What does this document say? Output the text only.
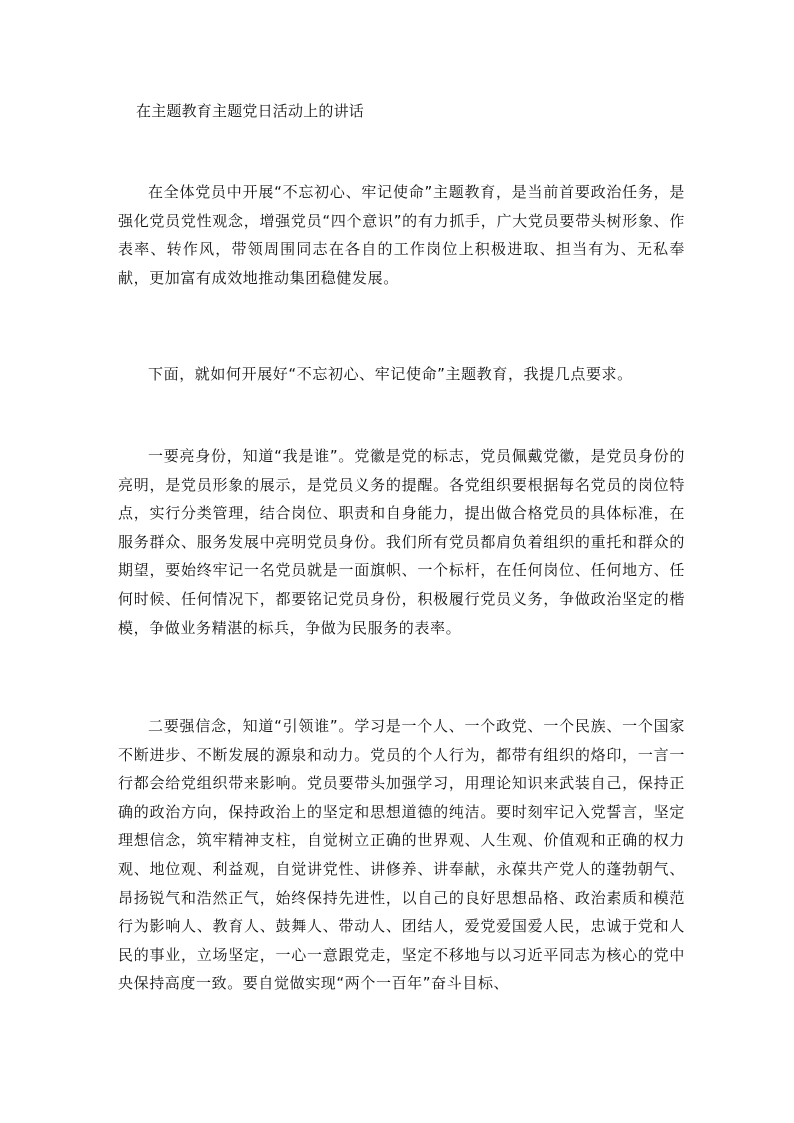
在主题教育主题党日活动上的讲话

在全体党员中开展“不忘初心、牢记使命”主题教育，是当前首要政治任务，是强化党员党性观念，增强党员“四个意识”的有力抓手，广大党员要带头树形象、作表率、转作风，带领周围同志在各自的工作岗位上积极进取、担当有为、无私奉献，更加富有成效地推动集团稳健发展。

下面，就如何开展好“不忘初心、牢记使命”主题教育，我提几点要求。

一要亮身份，知道“我是谁”。党徽是党的标志，党员佩戴党徽，是党员身份的亮明，是党员形象的展示，是党员义务的提醒。各党组织要根据每名党员的岗位特点，实行分类管理，结合岗位、职责和自身能力，提出做合格党员的具体标准，在服务群众、服务发展中亮明党员身份。我们所有党员都肩负着组织的重托和群众的期望，要始终牢记一名党员就是一面旗帜、一个标杆，在任何岗位、任何地方、任何时候、任何情况下，都要铭记党员身份，积极履行党员义务，争做政治坚定的楷模，争做业务精湛的标兵，争做为民服务的表率。

二要强信念，知道“引领谁”。学习是一个人、一个政党、一个民族、一个国家不断进步、不断发展的源泉和动力。党员的个人行为，都带有组织的烙印，一言一行都会给党组织带来影响。党员要带头加强学习，用理论知识来武装自己，保持正确的政治方向，保持政治上的坚定和思想道德的纯洁。要时刻牢记入党誓言，坚定理想信念，筑牢精神支柱，自觉树立正确的世界观、人生观、价值观和正确的权力观、地位观、利益观，自觉讲党性、讲修养、讲奉献，永葆共产党人的蓬勃朝气、昂扬锐气和浩然正气，始终保持先进性，以自己的良好思想品格、政治素质和模范行为影响人、教育人、鼓舞人、带动人、团结人，爱党爱国爱人民，忠诚于党和人民的事业，立场坚定，一心一意跟党走，坚定不移地与以习近平同志为核心的党中央保持高度一致。要自觉做实现“两个一百年”奋斗目标、
